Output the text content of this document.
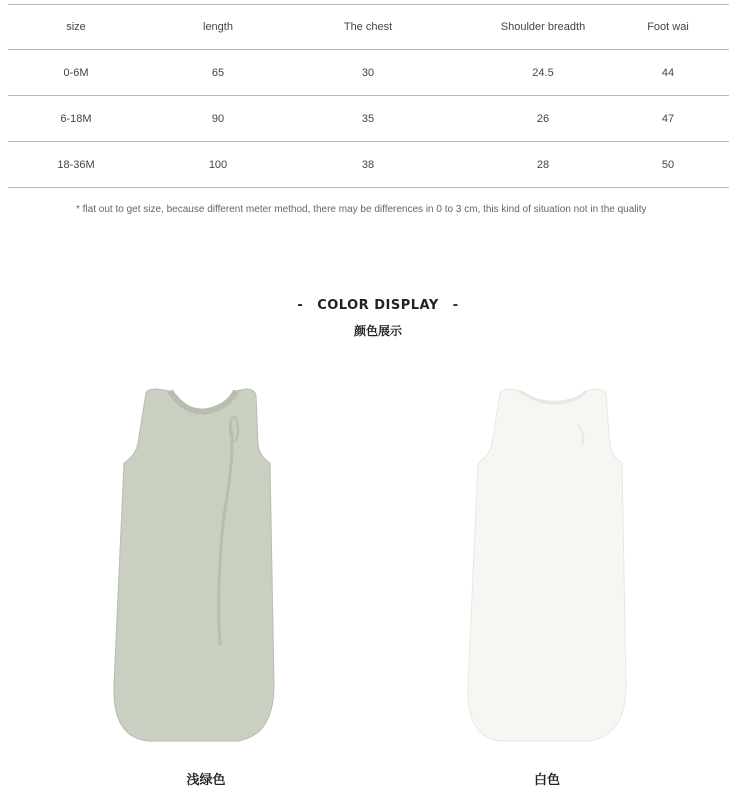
size	length	The chest	Shoulder breadth	Foot wai
0-6M	65	30	24.5	44
6-18M	90	35	26	47
18-36M	100	38	28	50
* flat out to get size, because different meter method, there may be differences in 0 to 3 cm, this kind of situation not in the quality
- COLOR DISPLAY -
颜色展示
浅绿色	白色
